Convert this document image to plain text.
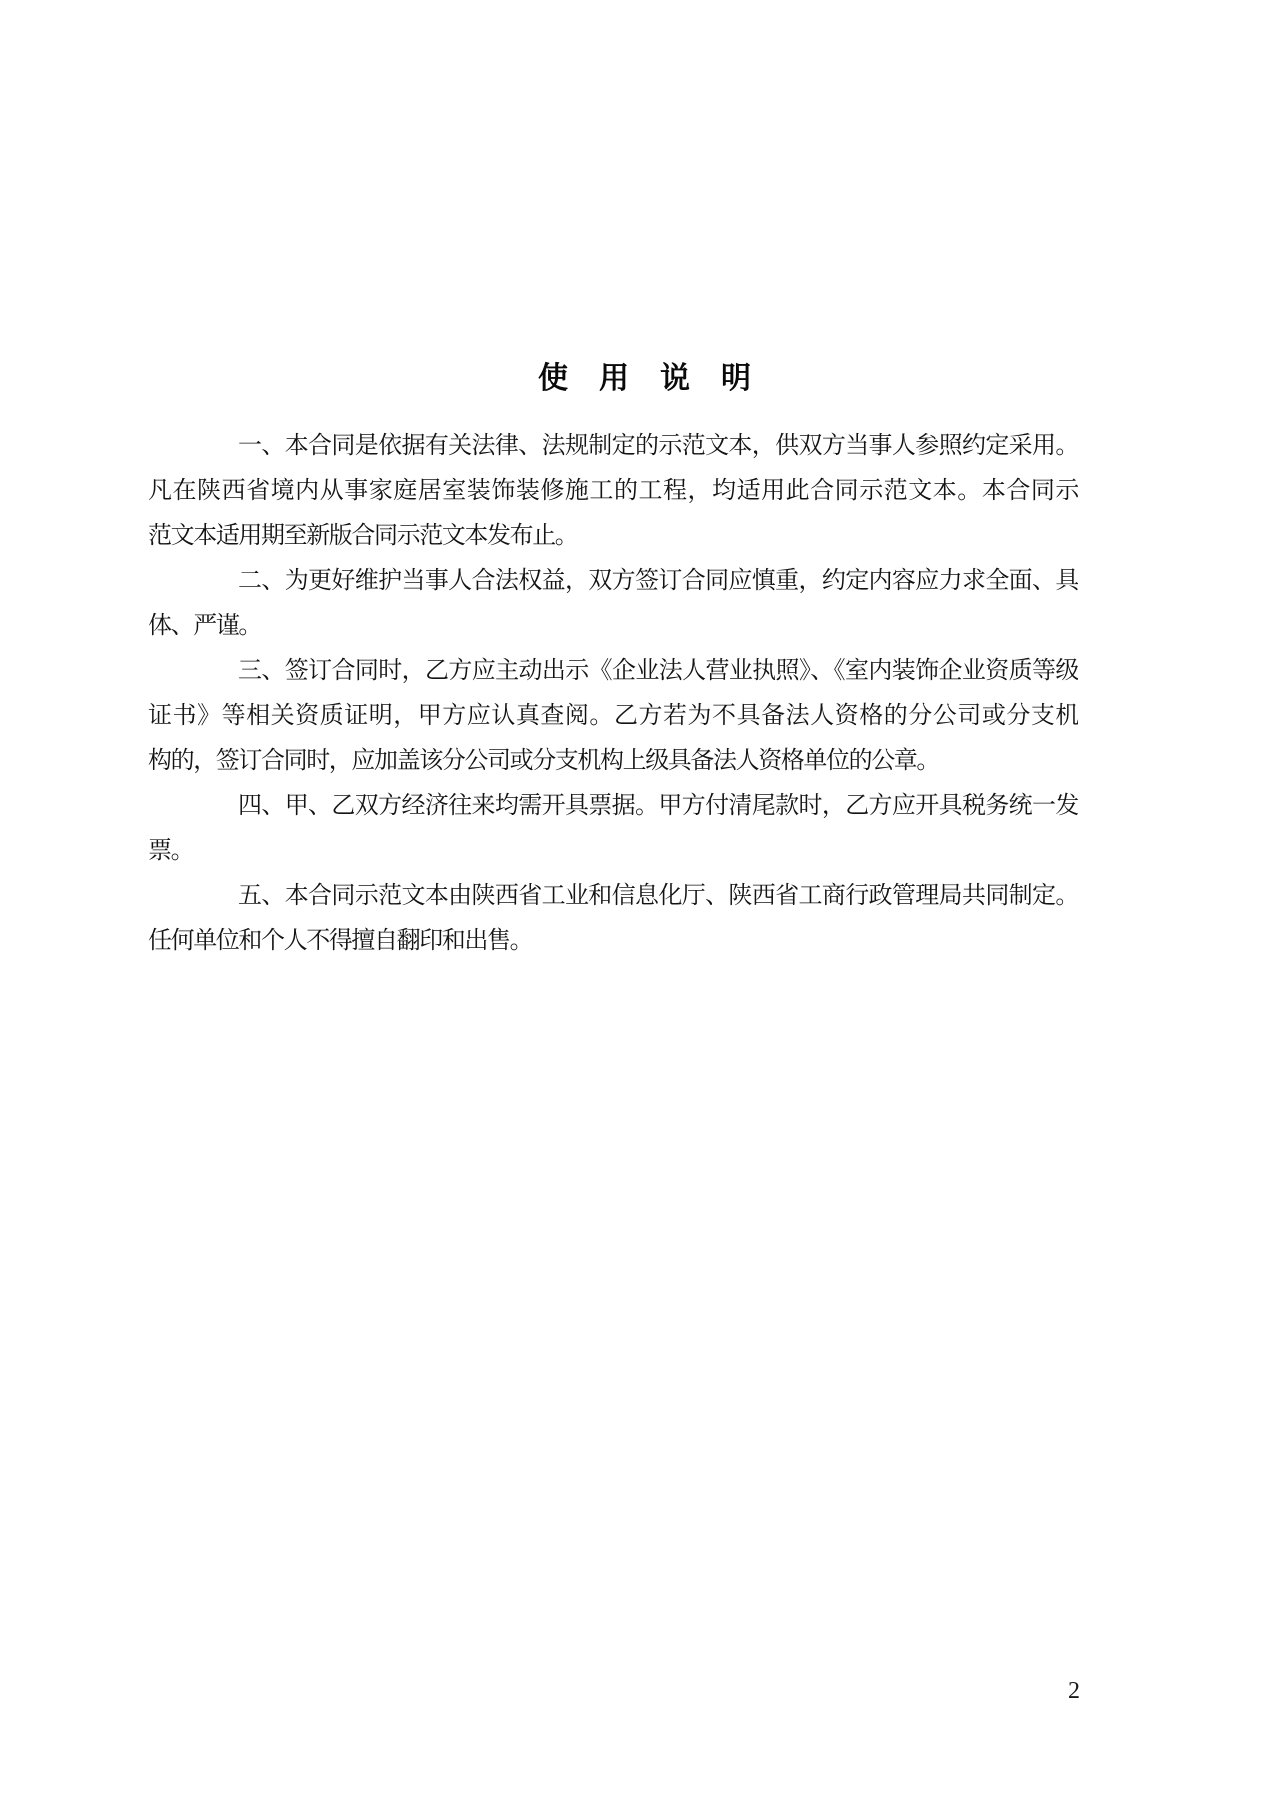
使用说明
一、本合同是依据有关法律、法规制定的示范文本，供双方当事人参照约定采用。
凡在陕西省境内从事家庭居室装饰装修施工的工程，均适用此合同示范文本。本合同示
范文本适用期至新版合同示范文本发布止。
二、为更好维护当事人合法权益，双方签订合同应慎重，约定内容应力求全面、具
体、严谨。
三、签订合同时，乙方应主动出示《企业法人营业执照》、《室内装饰企业资质等级
证书》等相关资质证明，甲方应认真查阅。乙方若为不具备法人资格的分公司或分支机
构的，签订合同时，应加盖该分公司或分支机构上级具备法人资格单位的公章。
四、甲、乙双方经济往来均需开具票据。甲方付清尾款时，乙方应开具税务统一发
票。
五、本合同示范文本由陕西省工业和信息化厅、陕西省工商行政管理局共同制定。
任何单位和个人不得擅自翻印和出售。
2
